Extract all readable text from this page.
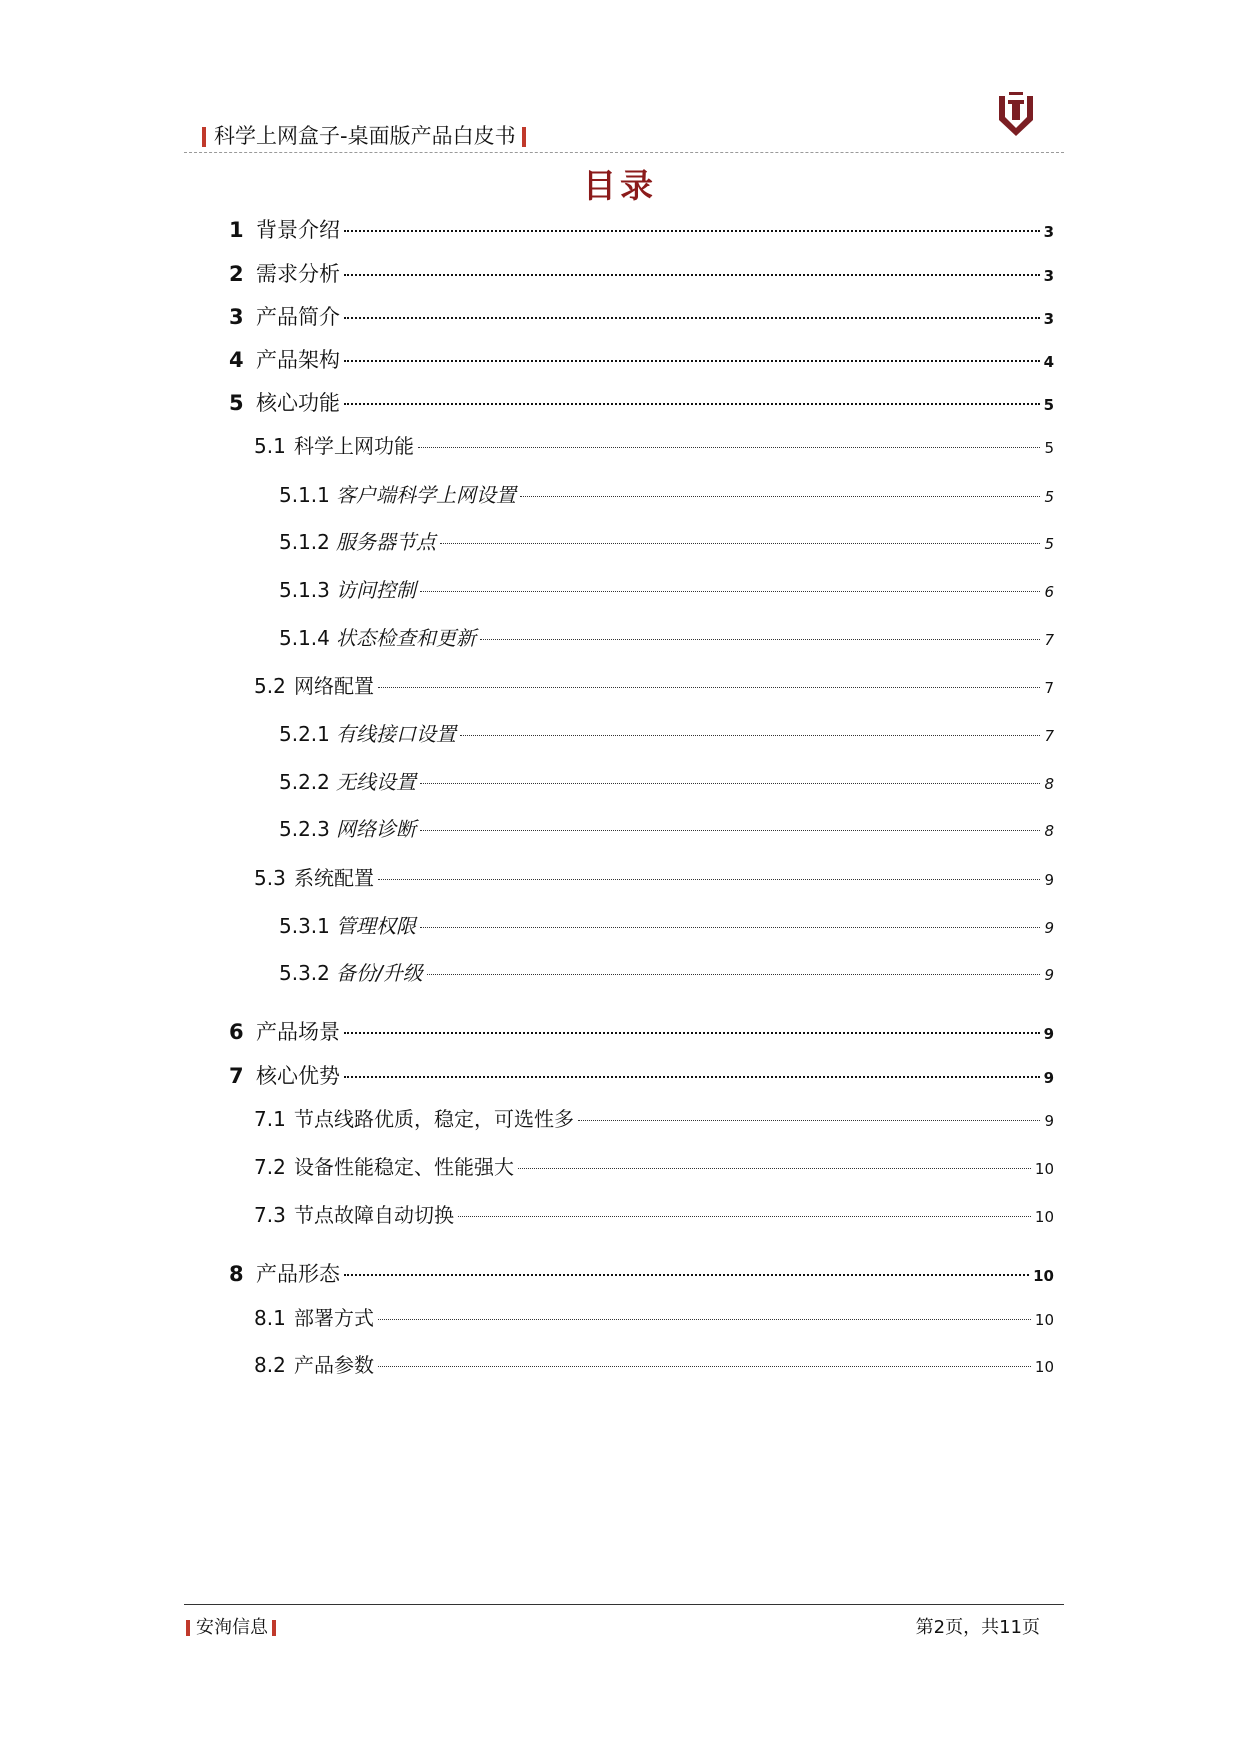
科学上网盒子-桌面版产品白皮书
目录
1 背景介绍	3
2 需求分析	3
3 产品简介	3
4 产品架构	4
5 核心功能	5
5.1 科学上网功能	5
5.1.1 客户端科学上网设置	5
5.1.2 服务器节点	5
5.1.3 访问控制	6
5.1.4 状态检查和更新	7
5.2 网络配置	7
5.2.1 有线接口设置	7
5.2.2 无线设置	8
5.2.3 网络诊断	8
5.3 系统配置	9
5.3.1 管理权限	9
5.3.2 备份/升级	9
6 产品场景	9
7 核心优势	9
7.1 节点线路优质，稳定，可选性多	9
7.2 设备性能稳定、性能强大	10
7.3 节点故障自动切换	10
8 产品形态	10
8.1 部署方式	10
8.2 产品参数	10
安洵信息	第2页，共11页
